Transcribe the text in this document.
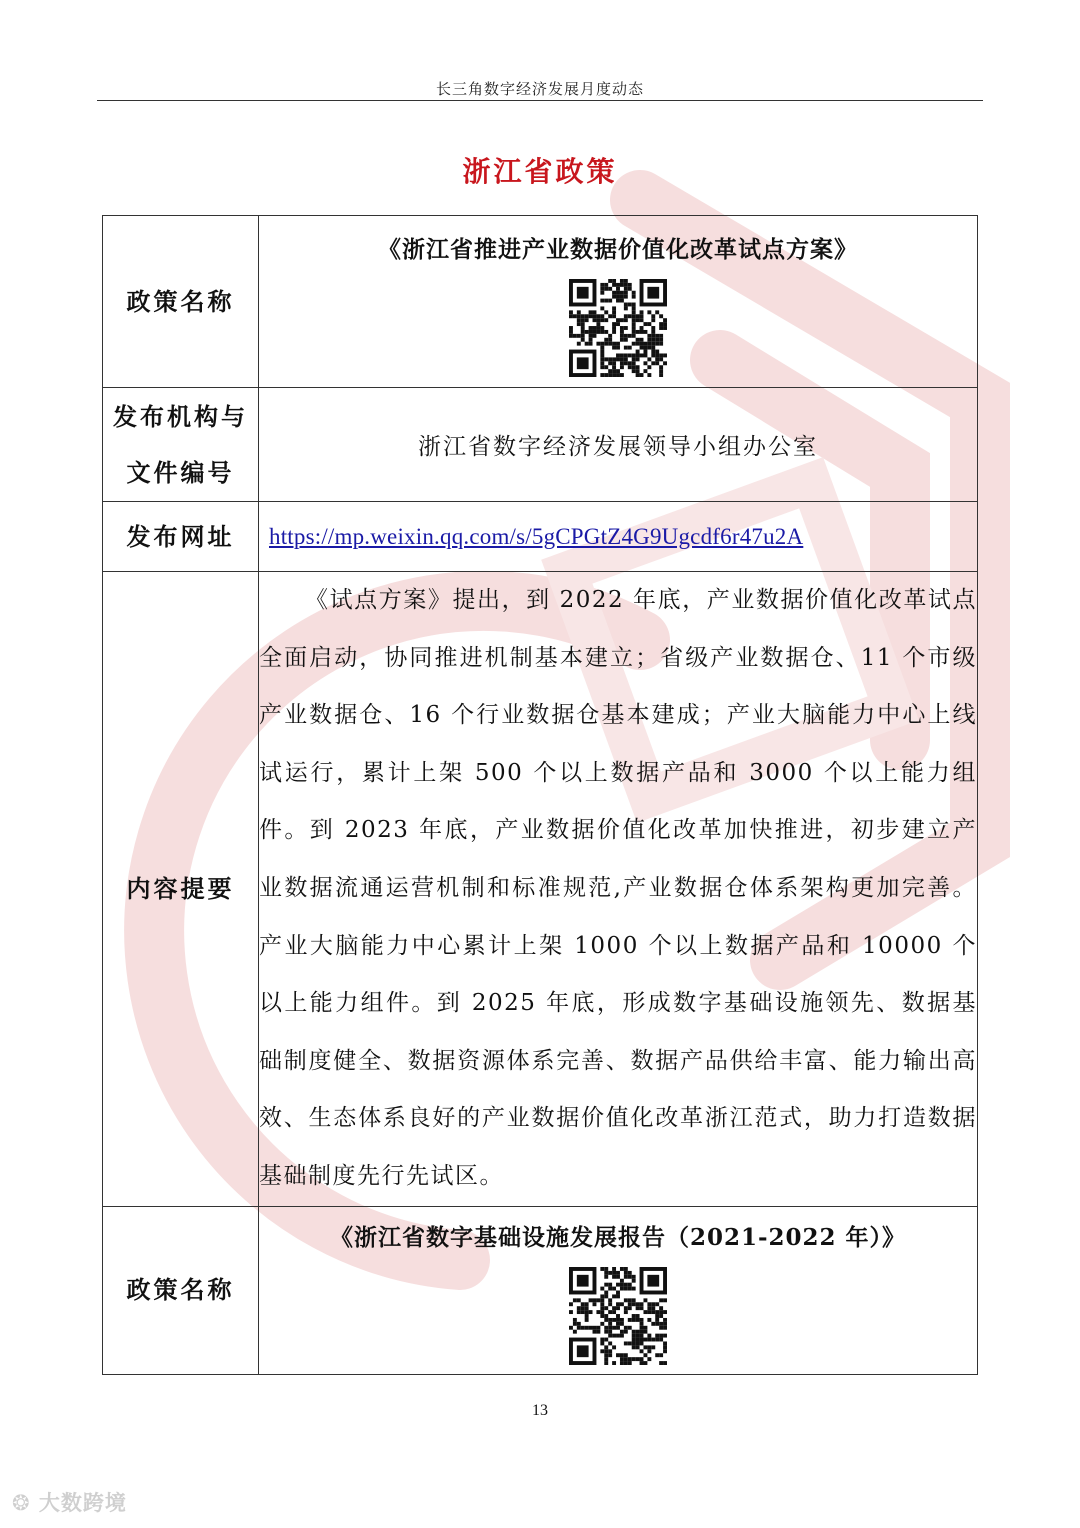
长三角数字经济发展月度动态
浙江省政策
政策名称	《浙江省推进产业数据价值化改革试点方案》

发布机构与
文件编号	浙江省数字经济发展领导小组办公室
发布网址	https://mp.weixin.qq.com/s/5gCPGtZ4G9Ugcdf6r47u2A
内容提要	《试点方案》提出，到 2022 年底，产业数据价值化改革试点全面启动，协同推进机制基本建立；省级产业数据仓、11 个市级产业数据仓、16 个行业数据仓基本建成；产业大脑能力中心上线试运行，累计上架 500 个以上数据产品和 3000 个以上能力组件。到 2023 年底，产业数据价值化改革加快推进，初步建立产业数据流通运营机制和标准规范,产业数据仓体系架构更加完善。产业大脑能力中心累计上架 1000 个以上数据产品和 10000 个以上能力组件。到 2025 年底，形成数字基础设施领先、数据基础制度健全、数据资源体系完善、数据产品供给丰富、能力输出高效、生态体系良好的产业数据价值化改革浙江范式，助力打造数据基础制度先行先试区。

政策名称	《浙江省数字基础设施发展报告（2021-2022 年）》
13
❂ 大数跨境
